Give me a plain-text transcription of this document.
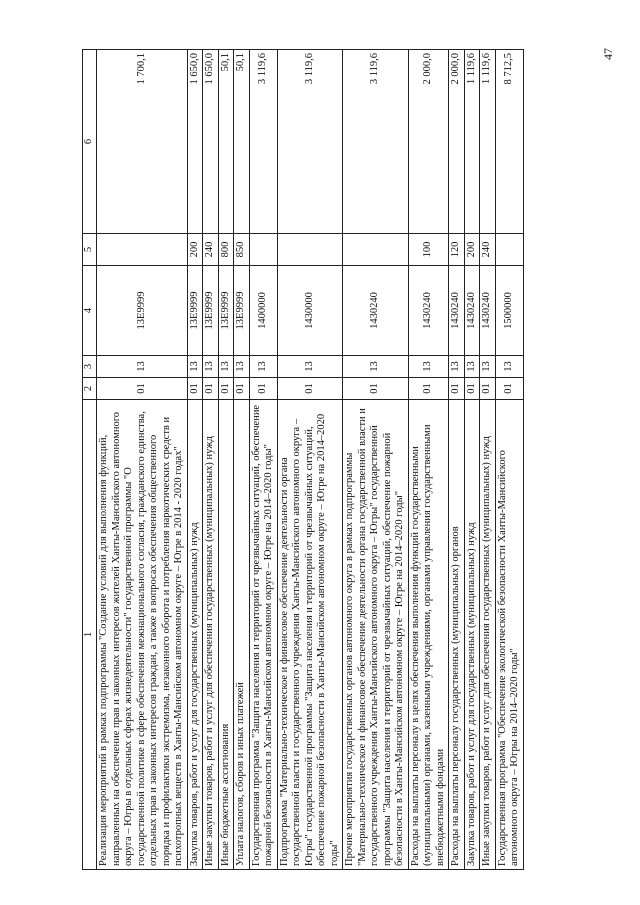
47
1	2	3	4	5	6
Реализация мероприятий в рамках подпрограммы "Создание условий для выполнения функций, направленных на обеспечение прав и законных интересов жителей Ханты-Мансийского автономного округа – Югры в отдельных сферах жизнедеятельности" государственной программы "О государственной политике в сфере обеспечения межнационального согласия, гражданского единства, отдельных прав и законных интересов граждан, а также в вопросах обеспечения общественного порядка и профилактики экстремизма, незаконного оборота и потребления наркотических средств и психотропных веществ в Ханты-Мансийском автономном округе – Югре в 2014 - 2020 годах"	01	13	13Е9999		1 700,1
Закупка товаров, работ и услуг для государственных (муниципальных) нужд	01	13	13Е9999	200	1 650,0
Иные закупки товаров, работ и услуг для обеспечения государственных (муниципальных) нужд	01	13	13Е9999	240	1 650,0
Иные бюджетные ассигнования	01	13	13Е9999	800	50,1
Уплата налогов, сборов и иных платежей	01	13	13Е9999	850	50,1
Государственная программа "Защита населения и территорий от чрезвычайных ситуаций, обеспечение пожарной безопасности в Ханты-Мансийском автономном округе – Югре на 2014–2020 годы"	01	13	1400000		3 119,6
Подпрограмма "Материально-техническое и финансовое обеспечение деятельности органа государственной власти и государственного учреждения Ханты-Мансийского автономного округа – Югры" государственной программы "Защита населения и территорий от чрезвычайных ситуаций, обеспечение пожарной безопасности в Ханты-Мансийском автономном округе – Югре на 2014–2020 годы"	01	13	1430000		3 119,6
Прочие мероприятия государственных органов автономного округа в рамках подпрограммы "Материально-техническое и финансовое обеспечение деятельности органа государственной власти и государственного учреждения Ханты-Мансийского автономного округа – Югры" государственной программы "Защита населения и территорий от чрезвычайных ситуаций, обеспечение пожарной безопасности в Ханты-Мансийском автономном округе – Югре на 2014–2020 годы"	01	13	1430240		3 119,6
Расходы на выплаты персоналу в целях обеспечения выполнения функций государственными (муниципальными) органами, казенными учреждениями, органами управления государственными внебюджетными фондами	01	13	1430240	100	2 000,0
Расходы на выплаты персоналу государственных (муниципальных) органов	01	13	1430240	120	2 000,0
Закупка товаров, работ и услуг для государственных (муниципальных) нужд	01	13	1430240	200	1 119,6
Иные закупки товаров, работ и услуг для обеспечения государственных (муниципальных) нужд	01	13	1430240	240	1 119,6
Государственная программа "Обеспечение экологической безопасности Ханты-Мансийского автономного округа – Югры на 2014–2020 годы"	01	13	1500000		8 712,5
